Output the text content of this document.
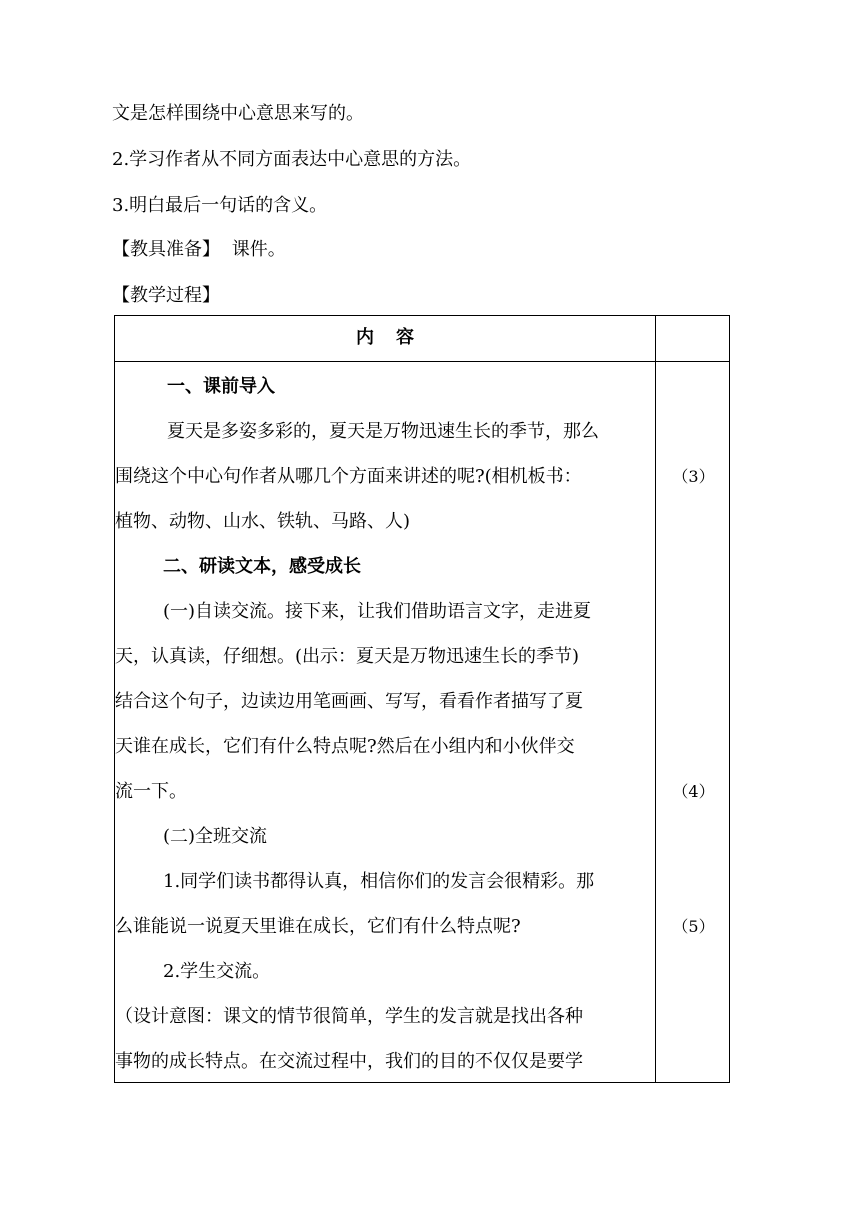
文是怎样围绕中心意思来写的。
2.学习作者从不同方面表达中心意思的方法。
3.明白最后一句话的含义。
【教具准备】 课件。
【教学过程】
内容
一、课前导入
夏天是多姿多彩的，夏天是万物迅速生长的季节，那么
围绕这个中心句作者从哪几个方面来讲述的呢?(相机板书：
植物、动物、山水、铁轨、马路、人)
二、研读文本，感受成长
(一)自读交流。接下来，让我们借助语言文字，走进夏
天，认真读，仔细想。(出示：夏天是万物迅速生长的季节)
结合这个句子，边读边用笔画画、写写，看看作者描写了夏
天谁在成长，它们有什么特点呢?然后在小组内和小伙伴交
流一下。
(二)全班交流
1.同学们读书都得认真，相信你们的发言会很精彩。那
么谁能说一说夏天里谁在成长，它们有什么特点呢?
2.学生交流。
（设计意图：课文的情节很简单，学生的发言就是找出各种
事物的成长特点。在交流过程中，我们的目的不仅仅是要学
（3）
（4）
（5）
